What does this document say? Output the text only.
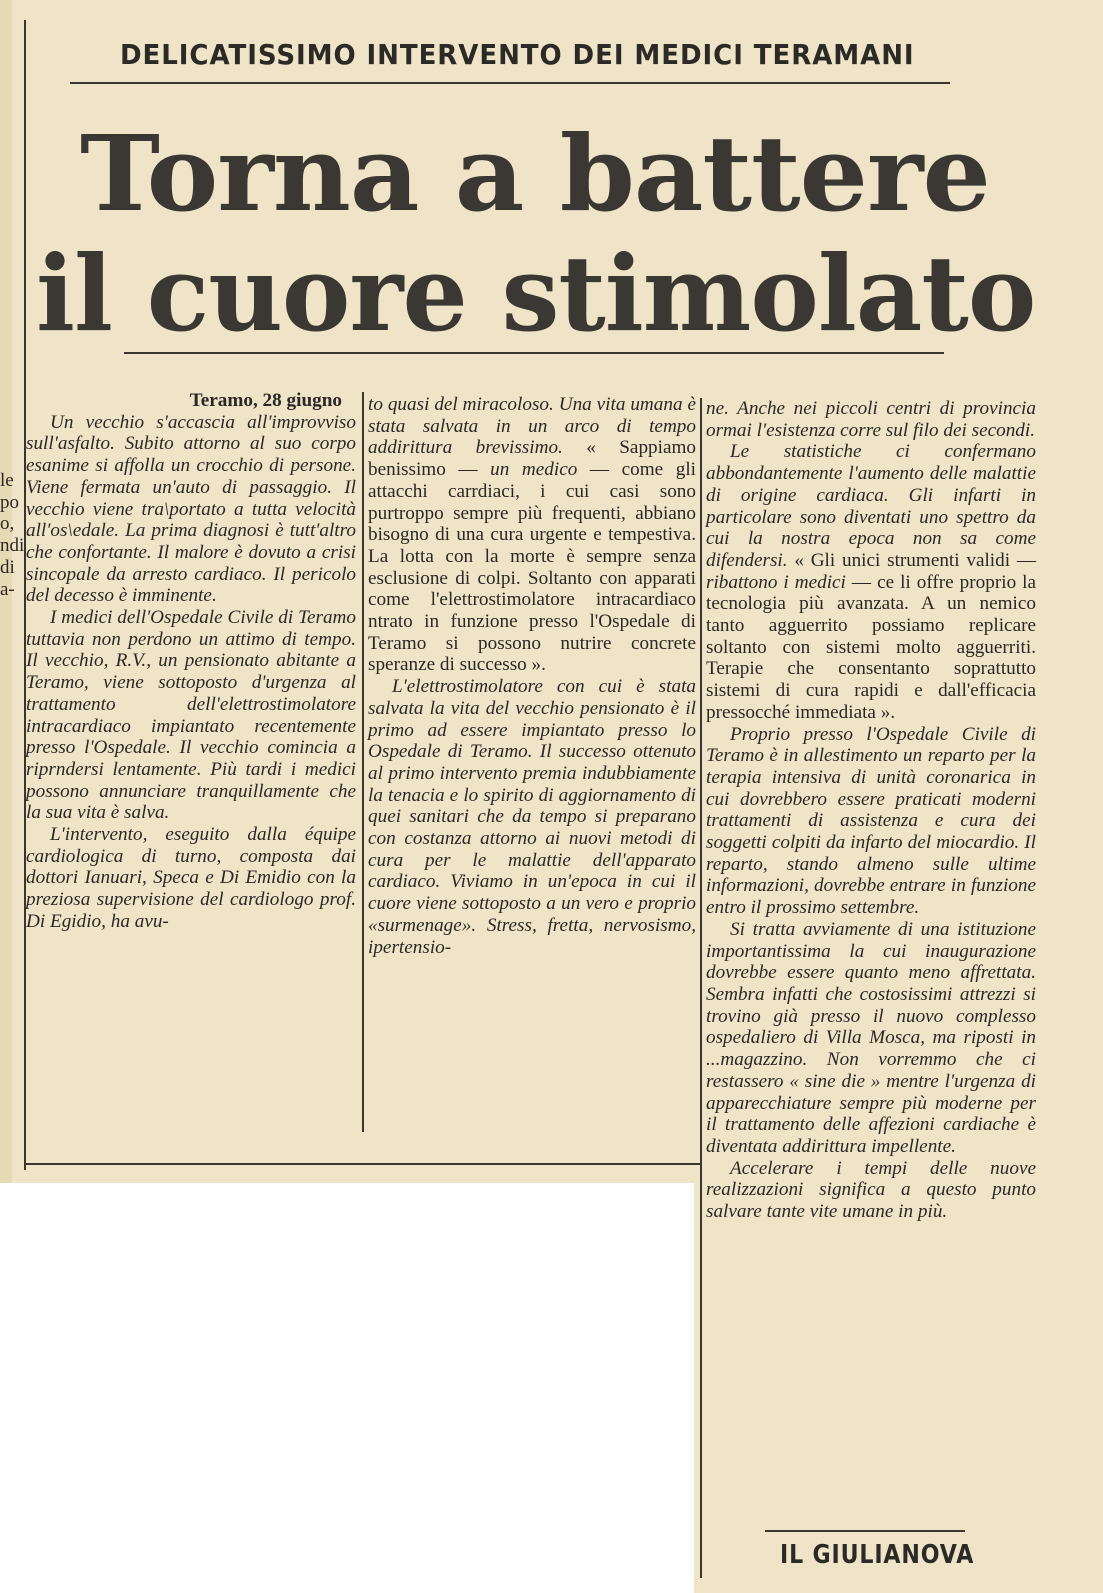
le
po
o,
ndi
di
a-
DELICATISSIMO INTERVENTO DEI MEDICI TERAMANI
Torna a battere
il cuore stimolato

Teramo, 28 giugno

Un vecchio s'accascia all'improvviso sull'asfalto. Subito attorno al suo corpo esanime si affolla un crocchio di persone. Viene fermata un'auto di passaggio. Il vecchio viene tra\portato a tutta velocità all'os\edale. La prima diagnosi è tutt'altro che confortante. Il malore è dovuto a crisi sincopale da arresto cardiaco. Il pericolo del decesso è imminente.

I medici dell'Ospedale Civile di Teramo tuttavia non perdono un attimo di tempo. Il vecchio, R.V., un pensionato abitante a Teramo, viene sottoposto d'urgenza al trattamento dell'elettrostimolatore intracardiaco impiantato recentemente presso l'Ospedale. Il vecchio comincia a riprndersi lentamente. Più tardi i medici possono annunciare tranquillamente che la sua vita è salva.

L'intervento, eseguito dalla équipe cardiologica di turno, composta dai dottori Ianuari, Speca e Di Emidio con la preziosa supervisione del cardiologo prof. Di Egidio, ha avu-

to quasi del miracoloso. Una vita umana è stata salvata in un arco di tempo addirittura brevissimo. « Sappiamo benissimo — un medico — come gli attacchi carrdiaci, i cui casi sono purtroppo sempre più frequenti, abbiano bisogno di una cura urgente e tempestiva. La lotta con la morte è sempre senza esclusione di colpi. Soltanto con apparati come l'elettrostimolatore intracardiaco ntrato in funzione presso l'Ospedale di Teramo si possono nutrire concrete speranze di successo ».

L'elettrostimolatore con cui è stata salvata la vita del vecchio pensionato è il primo ad essere impiantato presso lo Ospedale di Teramo. Il successo ottenuto al primo intervento premia indubbiamente la tenacia e lo spirito di aggiornamento di quei sanitari che da tempo si preparano con costanza attorno ai nuovi metodi di cura per le malattie dell'apparato cardiaco. Viviamo in un'epoca in cui il cuore viene sottoposto a un vero e proprio «surmenage». Stress, fretta, nervosismo, ipertensio-

ne. Anche nei piccoli centri di provincia ormai l'esistenza corre sul filo dei secondi.

Le statistiche ci confermano abbondantemente l'aumento delle malattie di origine cardiaca. Gli infarti in particolare sono diventati uno spettro da cui la nostra epoca non sa come difendersi. « Gli unici strumenti validi — ribattono i medici — ce li offre proprio la tecnologia più avanzata. A un nemico tanto agguerrito possiamo replicare soltanto con sistemi molto agguerriti. Terapie che consentanto soprattutto sistemi di cura rapidi e dall'efficacia pressocché immediata ».

Proprio presso l'Ospedale Civile di Teramo è in allestimento un reparto per la terapia intensiva di unità coronarica in cui dovrebbero essere praticati moderni trattamenti di assistenza e cura dei soggetti colpiti da infarto del miocardio. Il reparto, stando almeno sulle ultime informazioni, dovrebbe entrare in funzione entro il prossimo settembre.

Si tratta avviamente di una istituzione importantissima la cui inaugurazione dovrebbe essere quanto meno affrettata. Sembra infatti che costosissimi attrezzi si trovino già presso il nuovo complesso ospedaliero di Villa Mosca, ma riposti in ...magazzino. Non vorremmo che ci restassero « sine die » mentre l'urgenza di apparecchiature sempre più moderne per il trattamento delle affezioni cardiache è diventata addirittura impellente.

Accelerare i tempi delle nuove realizzazioni significa a questo punto salvare tante vite umane in più.

IL GIULIANOVA
